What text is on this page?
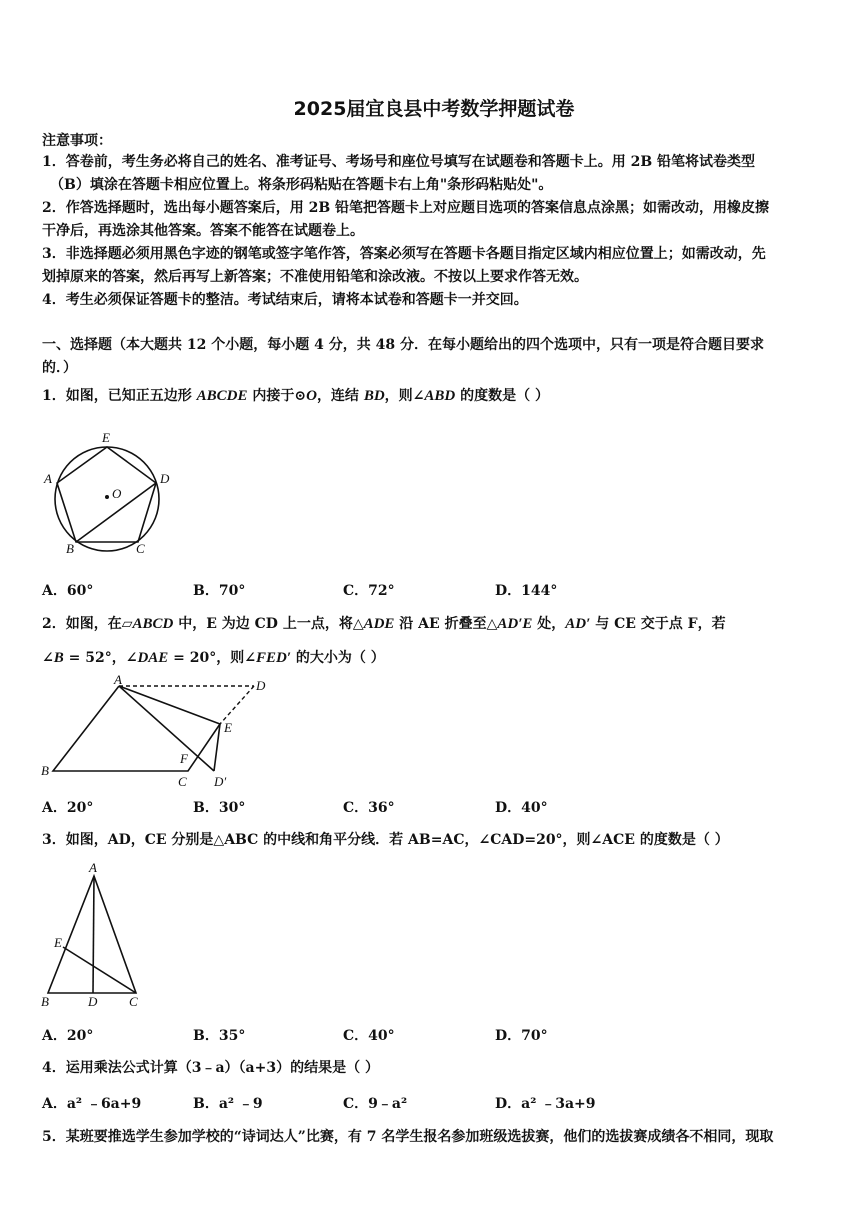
2025届宜良县中考数学押题试卷
注意事项：
1．答卷前，考生务必将自己的姓名、准考证号、考场号和座位号填写在试题卷和答题卡上。用 2B 铅笔将试卷类型
（B）填涂在答题卡相应位置上。将条形码粘贴在答题卡右上角"条形码粘贴处"。
2．作答选择题时，选出每小题答案后，用 2B 铅笔把答题卡上对应题目选项的答案信息点涂黑；如需改动，用橡皮擦
干净后，再选涂其他答案。答案不能答在试题卷上。
3．非选择题必须用黑色字迹的钢笔或签字笔作答，答案必须写在答题卡各题目指定区域内相应位置上；如需改动，先
划掉原来的答案，然后再写上新答案；不准使用铅笔和涂改液。不按以上要求作答无效。
4．考生必须保证答题卡的整洁。考试结束后，请将本试卷和答题卡一并交回。
一、选择题（本大题共 12 个小题，每小题 4 分，共 48 分．在每小题给出的四个选项中，只有一项是符合题目要求
的．）
1．如图，已知正五边形 ABCDE 内接于⊙O，连结 BD，则∠ABD 的度数是（ ）
E
A	D
O
B	C
A．60°	B．70°	C．72°	D．144°
2．如图，在▱ABCD 中，E 为边 CD 上一点，将△ADE 沿 AE 折叠至△AD′E 处，AD′ 与 CE 交于点 F，若
∠B = 52°，∠DAE = 20°，则∠FED′ 的大小为（ ）
A	D
E
F
B
C D′
A．20°	B．30°	C．36°	D．40°
3．如图，AD，CE 分别是△ABC 的中线和角平分线．若 AB=AC，∠CAD=20°，则∠ACE 的度数是（ ）
A
E
B	D C
A．20°	B．35°	C．40°	D．70°
4．运用乘法公式计算（3﹣a）（a+3）的结果是（ ）
A．a² ﹣6a+9	B．a² ﹣9	C．9﹣a²	D．a² ﹣3a+9
5．某班要推选学生参加学校的“诗词达人”比赛，有 7 名学生报名参加班级选拔赛，他们的选拔赛成绩各不相同，现取
